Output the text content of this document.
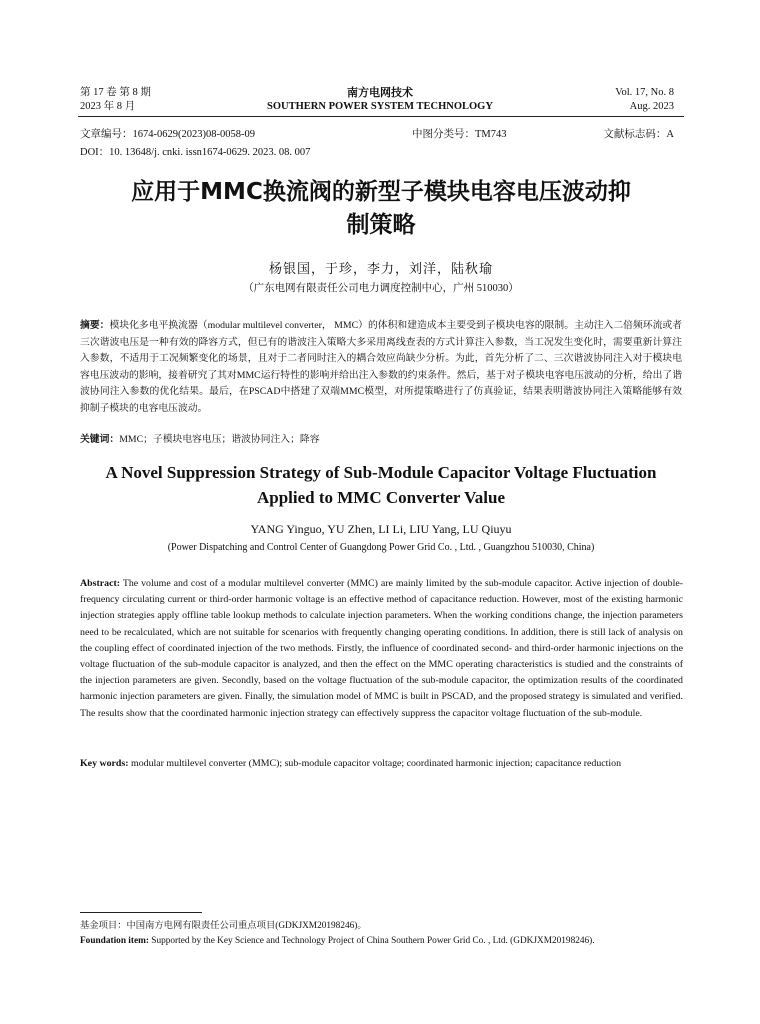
第 17 卷 第 8 期
2023 年 8 月
南方电网技术
SOUTHERN POWER SYSTEM TECHNOLOGY
Vol. 17, No. 8
Aug. 2023
文章编号：1674-0629(2023)08-0058-09	中图分类号：TM743	文献标志码：A
DOI：10. 13648/j. cnki. issn1674-0629. 2023. 08. 007
应用于MMC换流阀的新型子模块电容电压波动抑
制策略
杨银国，于珍，李力，刘洋，陆秋瑜
（广东电网有限责任公司电力调度控制中心，广州 510030）
摘要：模块化多电平换流器（modular multilevel converter， MMC）的体积和建造成本主要受到子模块电容的限制。主动注入二倍频环流或者三次谐波电压是一种有效的降容方式，但已有的谐波注入策略大多采用离线查表的方式计算注入参数，当工况发生变化时，需要重新计算注入参数，不适用于工况频繁变化的场景，且对于二者同时注入的耦合效应尚缺少分析。为此，首先分析了二、三次谐波协同注入对于模块电容电压波动的影响，接着研究了其对MMC运行特性的影响并给出注入参数的约束条件。然后，基于对子模块电容电压波动的分析，给出了谐波协同注入参数的优化结果。最后，在PSCAD中搭建了双端MMC模型，对所提策略进行了仿真验证，结果表明谐波协同注入策略能够有效抑制子模块的电容电压波动。
关键词：MMC；子模块电容电压；谐波协同注入；降容
A Novel Suppression Strategy of Sub-Module Capacitor Voltage Fluctuation
Applied to MMC Converter Value
YANG Yinguo, YU Zhen, LI Li, LIU Yang, LU Qiuyu
(Power Dispatching and Control Center of Guangdong Power Grid Co. , Ltd. , Guangzhou 510030, China)
Abstract: The volume and cost of a modular multilevel converter (MMC) are mainly limited by the sub-module capacitor. Active injection of double-frequency circulating current or third-order harmonic voltage is an effective method of capacitance reduction. However, most of the existing harmonic injection strategies apply offline table lookup methods to calculate injection parameters. When the working conditions change, the injection parameters need to be recalculated, which are not suitable for scenarios with frequently changing operating conditions. In addition, there is still lack of analysis on the coupling effect of coordinated injection of the two methods. Firstly, the influence of coordinated second- and third-order harmonic injections on the voltage fluctuation of the sub-module capacitor is analyzed, and then the effect on the MMC operating characteristics is studied and the constraints of the injection parameters are given. Secondly, based on the voltage fluctuation of the sub-module capacitor, the optimization results of the coordinated harmonic injection parameters are given. Finally, the simulation model of MMC is built in PSCAD, and the proposed strategy is simulated and verified. The results show that the coordinated harmonic injection strategy can effectively suppress the capacitor voltage fluctuation of the sub-module.
Key words: modular multilevel converter (MMC); sub-module capacitor voltage; coordinated harmonic injection; capacitance reduction
基金项目：中国南方电网有限责任公司重点项目(GDKJXM20198246)。
Foundation item: Supported by the Key Science and Technology Project of China Southern Power Grid Co. , Ltd. (GDKJXM20198246).
